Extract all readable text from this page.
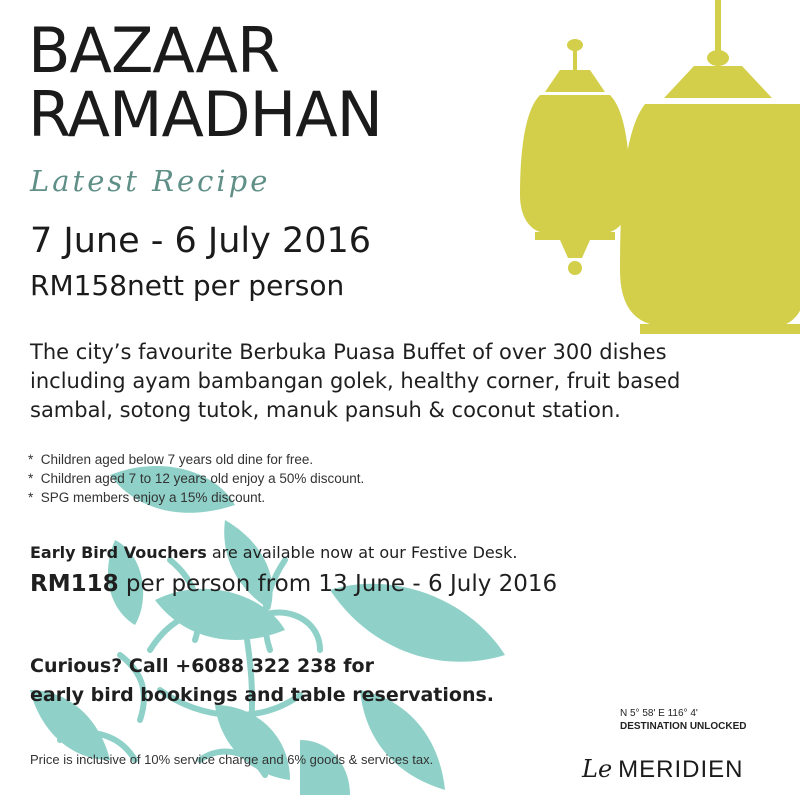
BAZAAR
RAMADHAN
Latest Recipe
7 June - 6 July 2016
RM158nett per person
The city’s favourite Berbuka Puasa Buffet of over 300 dishes including ayam bambangan golek, healthy corner, fruit based sambal, sotong tutok, manuk pansuh & coconut station.
*  Children aged below 7 years old dine for free.
*  Children aged 7 to 12 years old enjoy a 50% discount.
*  SPG members enjoy a 15% discount.
Early Bird Vouchers are available now at our Festive Desk.
RM118 per person from 13 June - 6 July 2016
Curious? Call +6088 322 238 for
early bird bookings and table reservations.
N 5° 58' E 116° 4'
DESTINATION UNLOCKED
Price is inclusive of 10% service charge and 6% goods & services tax.	Le MERIDIEN
